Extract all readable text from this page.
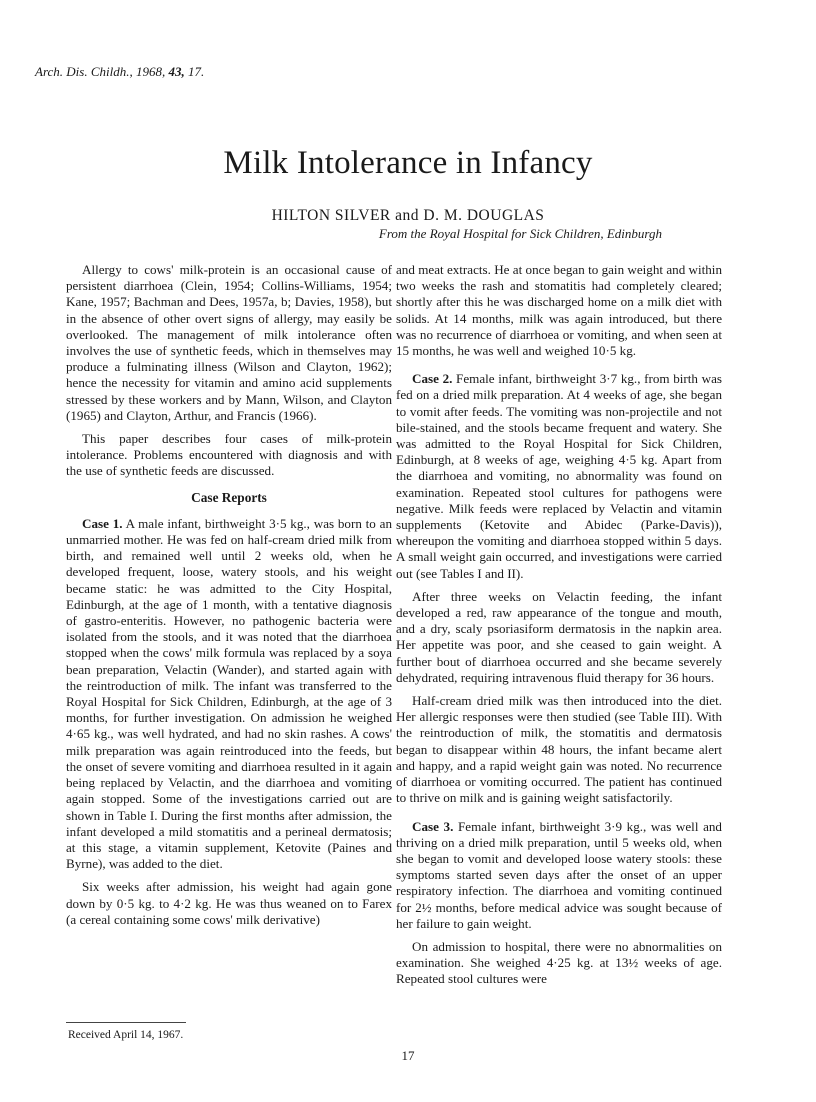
Arch. Dis. Childh., 1968, 43, 17.
Milk Intolerance in Infancy
HILTON SILVER and D. M. DOUGLAS
From the Royal Hospital for Sick Children, Edinburgh

Allergy to cows' milk-protein is an occasional cause of persistent diarrhoea (Clein, 1954; Collins-Williams, 1954; Kane, 1957; Bachman and Dees, 1957a, b; Davies, 1958), but in the absence of other overt signs of allergy, may easily be overlooked. The management of milk intolerance often involves the use of synthetic feeds, which in themselves may produce a fulminating illness (Wilson and Clayton, 1962); hence the necessity for vitamin and amino acid supplements stressed by these workers and by Mann, Wilson, and Clayton (1965) and Clayton, Arthur, and Francis (1966).

This paper describes four cases of milk-protein intolerance. Problems encountered with diagnosis and with the use of synthetic feeds are discussed.

Case Reports

Case 1. A male infant, birthweight 3·5 kg., was born to an unmarried mother. He was fed on half-cream dried milk from birth, and remained well until 2 weeks old, when he developed frequent, loose, watery stools, and his weight became static: he was admitted to the City Hospital, Edinburgh, at the age of 1 month, with a tentative diagnosis of gastro-enteritis. However, no pathogenic bacteria were isolated from the stools, and it was noted that the diarrhoea stopped when the cows' milk formula was replaced by a soya bean preparation, Velactin (Wander), and started again with the reintroduction of milk. The infant was transferred to the Royal Hospital for Sick Children, Edinburgh, at the age of 3 months, for further investigation. On admission he weighed 4·65 kg., was well hydrated, and had no skin rashes. A cows' milk preparation was again reintroduced into the feeds, but the onset of severe vomiting and diarrhoea resulted in it again being replaced by Velactin, and the diarrhoea and vomiting again stopped. Some of the investigations carried out are shown in Table I. During the first months after admission, the infant developed a mild stomatitis and a perineal dermatosis; at this stage, a vitamin supplement, Ketovite (Paines and Byrne), was added to the diet.

Six weeks after admission, his weight had again gone down by 0·5 kg. to 4·2 kg. He was thus weaned on to Farex (a cereal containing some cows' milk derivative)

and meat extracts. He at once began to gain weight and within two weeks the rash and stomatitis had completely cleared; shortly after this he was discharged home on a milk diet with solids. At 14 months, milk was again introduced, but there was no recurrence of diarrhoea or vomiting, and when seen at 15 months, he was well and weighed 10·5 kg.

Case 2. Female infant, birthweight 3·7 kg., from birth was fed on a dried milk preparation. At 4 weeks of age, she began to vomit after feeds. The vomiting was non-projectile and not bile-stained, and the stools became frequent and watery. She was admitted to the Royal Hospital for Sick Children, Edinburgh, at 8 weeks of age, weighing 4·5 kg. Apart from the diarrhoea and vomiting, no abnormality was found on examination. Repeated stool cultures for pathogens were negative. Milk feeds were replaced by Velactin and vitamin supplements (Ketovite and Abidec (Parke-Davis)), whereupon the vomiting and diarrhoea stopped within 5 days. A small weight gain occurred, and investigations were carried out (see Tables I and II).

After three weeks on Velactin feeding, the infant developed a red, raw appearance of the tongue and mouth, and a dry, scaly psoriasiform dermatosis in the napkin area. Her appetite was poor, and she ceased to gain weight. A further bout of diarrhoea occurred and she became severely dehydrated, requiring intravenous fluid therapy for 36 hours.

Half-cream dried milk was then introduced into the diet. Her allergic responses were then studied (see Table III). With the reintroduction of milk, the stomatitis and dermatosis began to disappear within 48 hours, the infant became alert and happy, and a rapid weight gain was noted. No recurrence of diarrhoea or vomiting occurred. The patient has continued to thrive on milk and is gaining weight satisfactorily.

Case 3. Female infant, birthweight 3·9 kg., was well and thriving on a dried milk preparation, until 5 weeks old, when she began to vomit and developed loose watery stools: these symptoms started seven days after the onset of an upper respiratory infection. The diarrhoea and vomiting continued for 2½ months, before medical advice was sought because of her failure to gain weight.

On admission to hospital, there were no abnormalities on examination. She weighed 4·25 kg. at 13½ weeks of age. Repeated stool cultures were

Received April 14, 1967.
17
